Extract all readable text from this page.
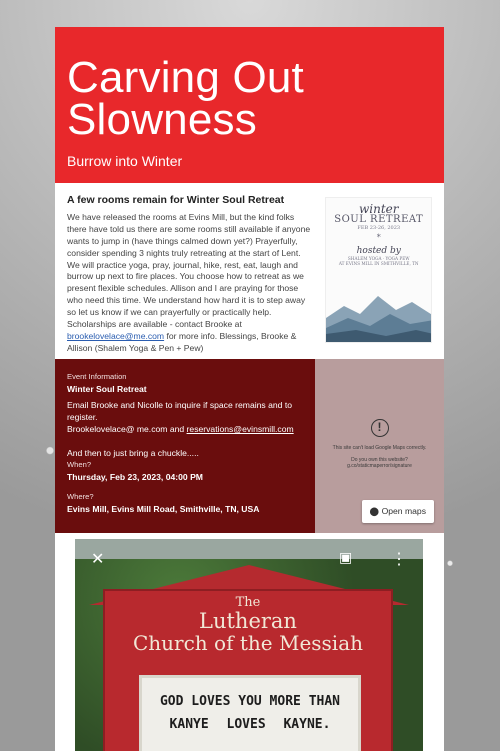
Carving Out
Slowness
Burrow into Winter
A few rooms remain for Winter Soul Retreat

We have released the rooms at Evins Mill, but the kind folks there have told us there are some rooms still available if anyone wants to jump in (have things calmed down yet?) Prayerfully, consider spending 3 nights truly retreating at the start of Lent. We will practice yoga, pray, journal, hike, rest, eat, laugh and burrow up next to fire places. You choose how to retreat as we present flexible schedules. Allison and I are praying for those who need this time. We understand how hard it is to step away so let us know if we can prayerfully or practically help. Scholarships are available - contact Brooke at brookelovelace@me.com for more info. Blessings, Brooke & Allison (Shalem Yoga & Pen + Pew)

winter
SOUL RETREAT
FEB 23-26, 2023
*
hosted by
SHALEM YOGA · YOGA PEW
AT EVINS MILL IN SMITHVILLE, TN
Event Information
Winter Soul Retreat
Email Brooke and Nicolle to inquire if space remains and to register.
Brookelovelace@ me.com and reservations@evinsmill.com
And then to just bring a chuckle.....
When?
Thursday, Feb 23, 2023, 04:00 PM
Where?
Evins Mill, Evins Mill Road, Smithville, TN, USA
!
This site can't load Google Maps correctly.
Do you own this website?
g.co/staticmaperror/signature
⬤ Open maps
✕	▣ ⋮
The
Lutheran
Church of the Messiah
GOD LOVES YOU MORE THAN
KANYE LOVES KAYNE.
